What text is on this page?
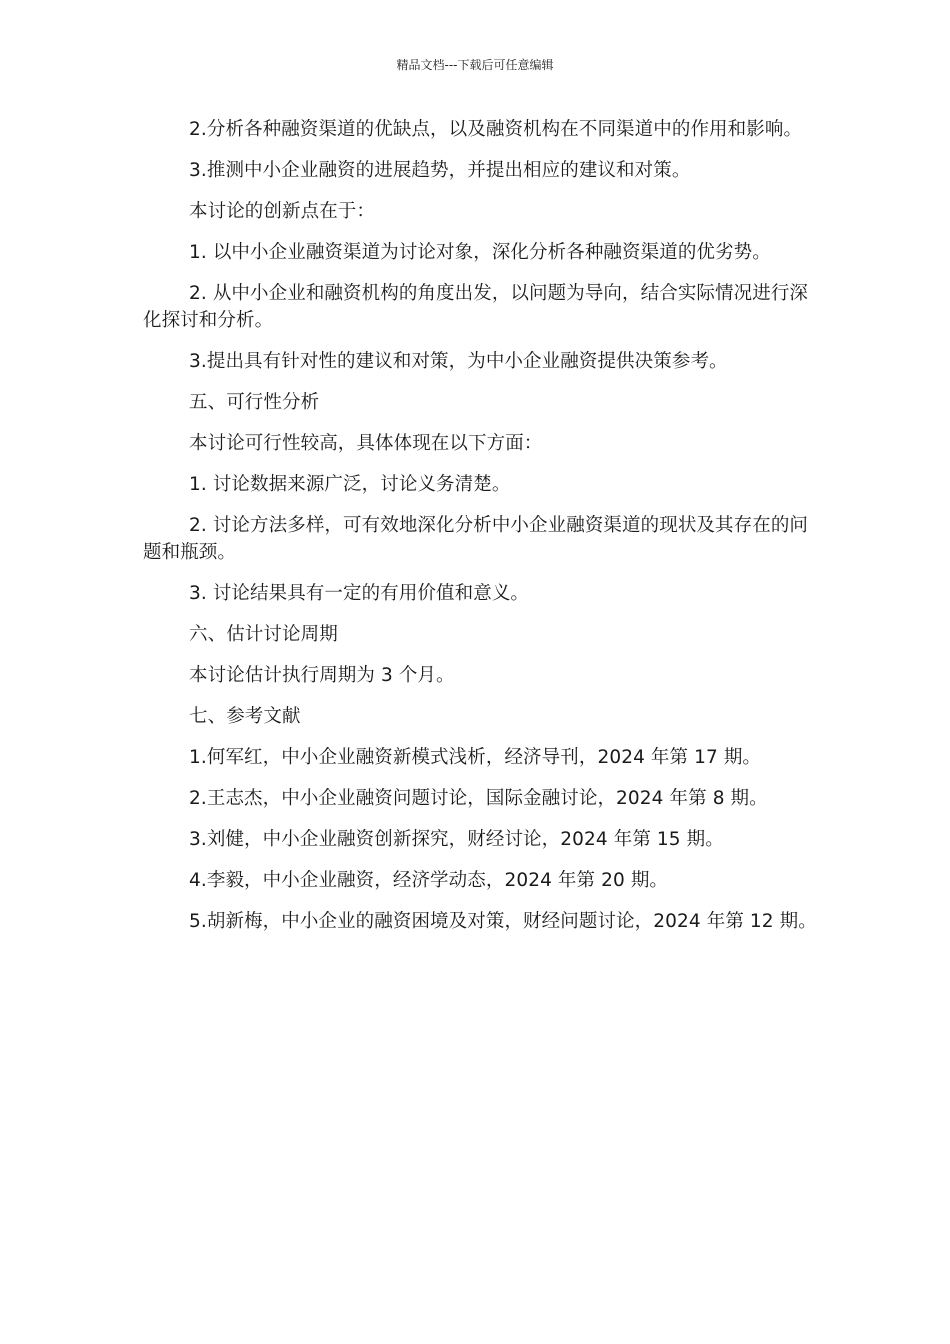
精品文档---下载后可任意编辑

2.分析各种融资渠道的优缺点，以及融资机构在不同渠道中的作用和影响。

3.推测中小企业融资的进展趋势，并提出相应的建议和对策。

本讨论的创新点在于：

1. 以中小企业融资渠道为讨论对象，深化分析各种融资渠道的优劣势。

2. 从中小企业和融资机构的角度出发，以问题为导向，结合实际情况进行深化探讨和分析。

3.提出具有针对性的建议和对策，为中小企业融资提供决策参考。

五、可行性分析

本讨论可行性较高，具体体现在以下方面：

1. 讨论数据来源广泛，讨论义务清楚。

2. 讨论方法多样，可有效地深化分析中小企业融资渠道的现状及其存在的问题和瓶颈。

3. 讨论结果具有一定的有用价值和意义。

六、估计讨论周期

本讨论估计执行周期为 3 个月。

七、参考文献

1.何军红，中小企业融资新模式浅析，经济导刊，2024 年第 17 期。

2.王志杰，中小企业融资问题讨论，国际金融讨论，2024 年第 8 期。

3.刘健，中小企业融资创新探究，财经讨论，2024 年第 15 期。

4.李毅，中小企业融资，经济学动态，2024 年第 20 期。

5.胡新梅，中小企业的融资困境及对策，财经问题讨论，2024 年第 12 期。
